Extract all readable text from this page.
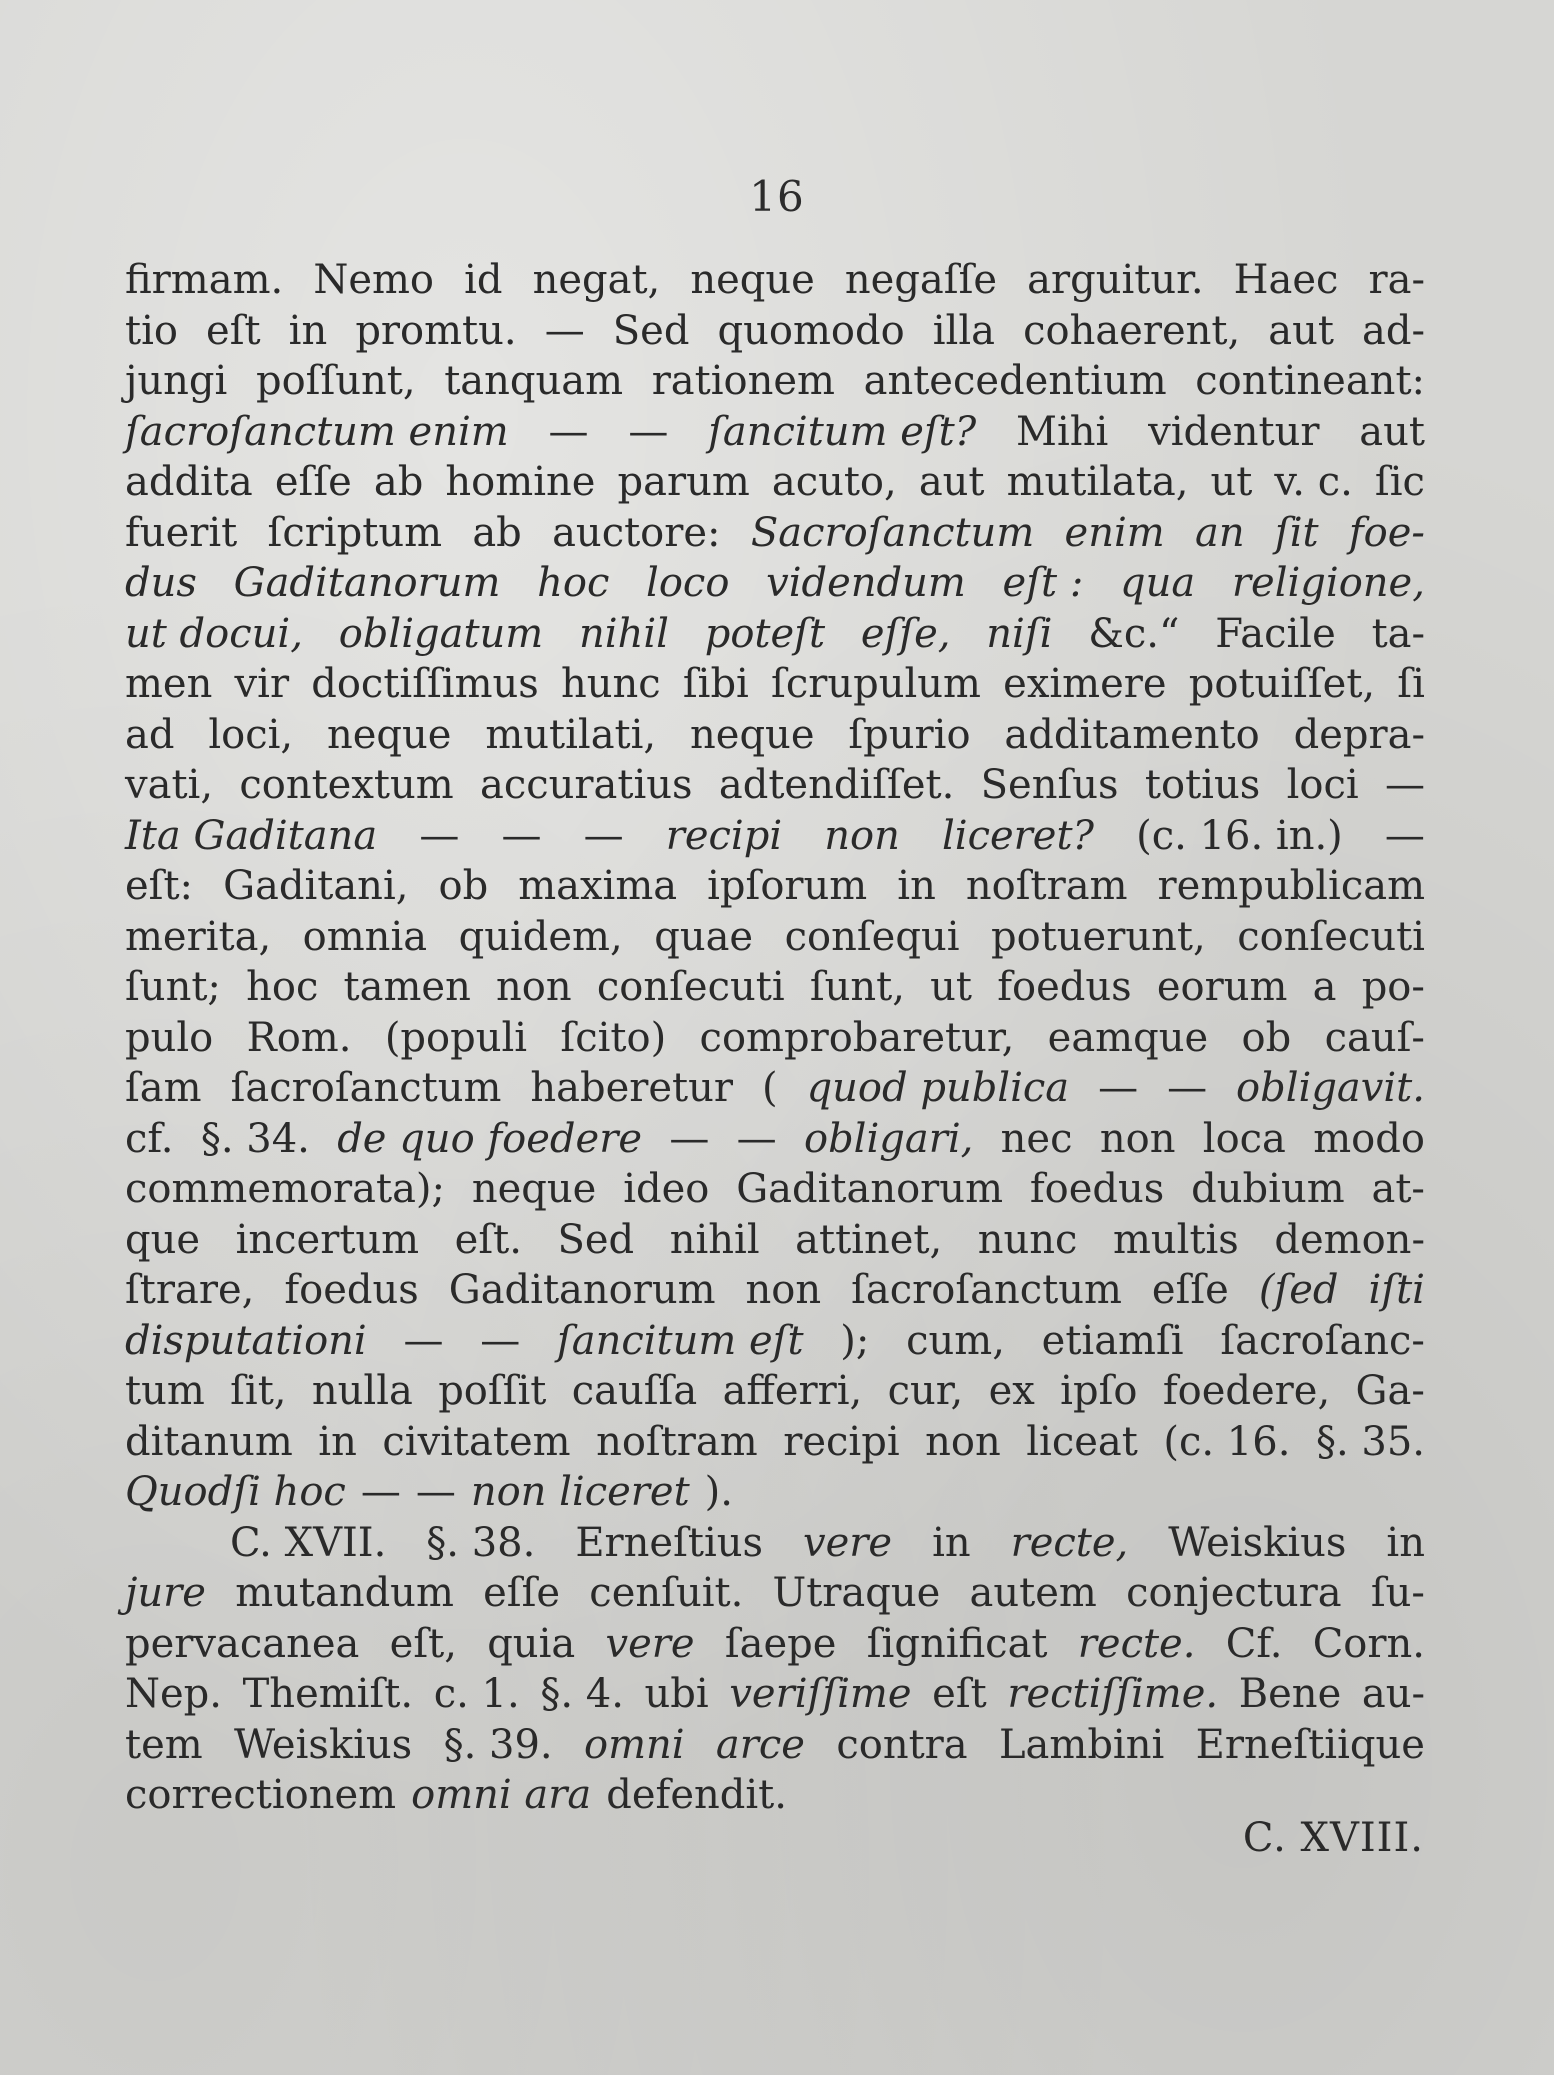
16
firmam. Nemo id negat, neque negaſſe arguitur. Haec ra-
tio eſt in promtu. — Sed quomodo illa cohaerent, aut ad-
jungi poſſunt, tanquam rationem antecedentium contineant:
ſacroſanctum enim — — ſancitum eſt? Mihi videntur aut
addita eſſe ab homine parum acuto, aut mutilata, ut v. c. ſic
fuerit ſcriptum ab auctore: Sacroſanctum enim an ſit foe-
dus Gaditanorum hoc loco videndum eſt : qua religione,
ut docui, obligatum nihil poteſt eſſe, niſi &c.“ Facile ta-
men vir doctiſſimus hunc ſibi ſcrupulum eximere potuiſſet, ſi
ad loci, neque mutilati, neque ſpurio additamento depra-
vati, contextum accuratius adtendiſſet. Senſus totius loci —
Ita Gaditana — — — recipi non liceret? (c. 16. in.) —
eſt: Gaditani, ob maxima ipſorum in noſtram rempublicam
merita, omnia quidem, quae conſequi potuerunt, conſecuti
ſunt; hoc tamen non conſecuti ſunt, ut foedus eorum a po-
pulo Rom. (populi ſcito) comprobaretur, eamque ob cauſ-
ſam ſacroſanctum haberetur ( quod publica — — obligavit.
cf. §. 34. de quo foedere — — obligari, nec non loca modo
commemorata); neque ideo Gaditanorum foedus dubium at-
que incertum eſt. Sed nihil attinet, nunc multis demon-
ſtrare, foedus Gaditanorum non ſacroſanctum eſſe (ſed iſti
disputationi — — ſancitum eſt ); cum, etiamſi ſacroſanc-
tum ſit, nulla poſſit cauſſa afferri, cur, ex ipſo foedere, Ga-
ditanum in civitatem noſtram recipi non liceat (c. 16. §. 35.
Quodſi hoc — — non liceret ).
C. XVII. §. 38. Erneſtius vere in recte, Weiskius in
jure mutandum eſſe cenſuit. Utraque autem conjectura ſu-
pervacanea eſt, quia vere ſaepe ſignificat recte. Cf. Corn.
Nep. Themiſt. c. 1. §. 4. ubi veriſſime eſt rectiſſime. Bene au-
tem Weiskius §. 39. omni arce contra Lambini Erneſtiique
correctionem omni ara defendit.
C. XVIII.
